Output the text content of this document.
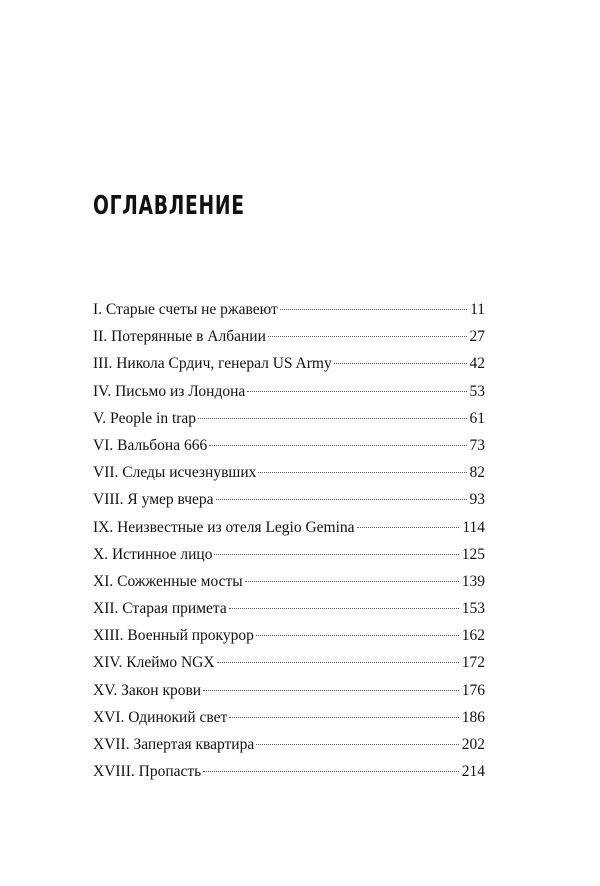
ОГЛАВЛЕНИЕ
I. Старые счеты не ржавеют	11
II. Потерянные в Албании	27
III. Никола Срдич, генерал US Army	42
IV. Письмо из Лондона	53
V. People in trap	61
VI. Вальбона 666	73
VII. Следы исчезнувших	82
VIII. Я умер вчера	93
IX. Неизвестные из отеля Legio Gemina	114
X. Истинное лицо	125
XI. Сожженные мосты	139
XII. Старая примета	153
XIII. Военный прокурор	162
XIV. Клеймо NGX	172
XV. Закон крови	176
XVI. Одинокий свет	186
XVII. Запертая квартира	202
XVIII. Пропасть	214
